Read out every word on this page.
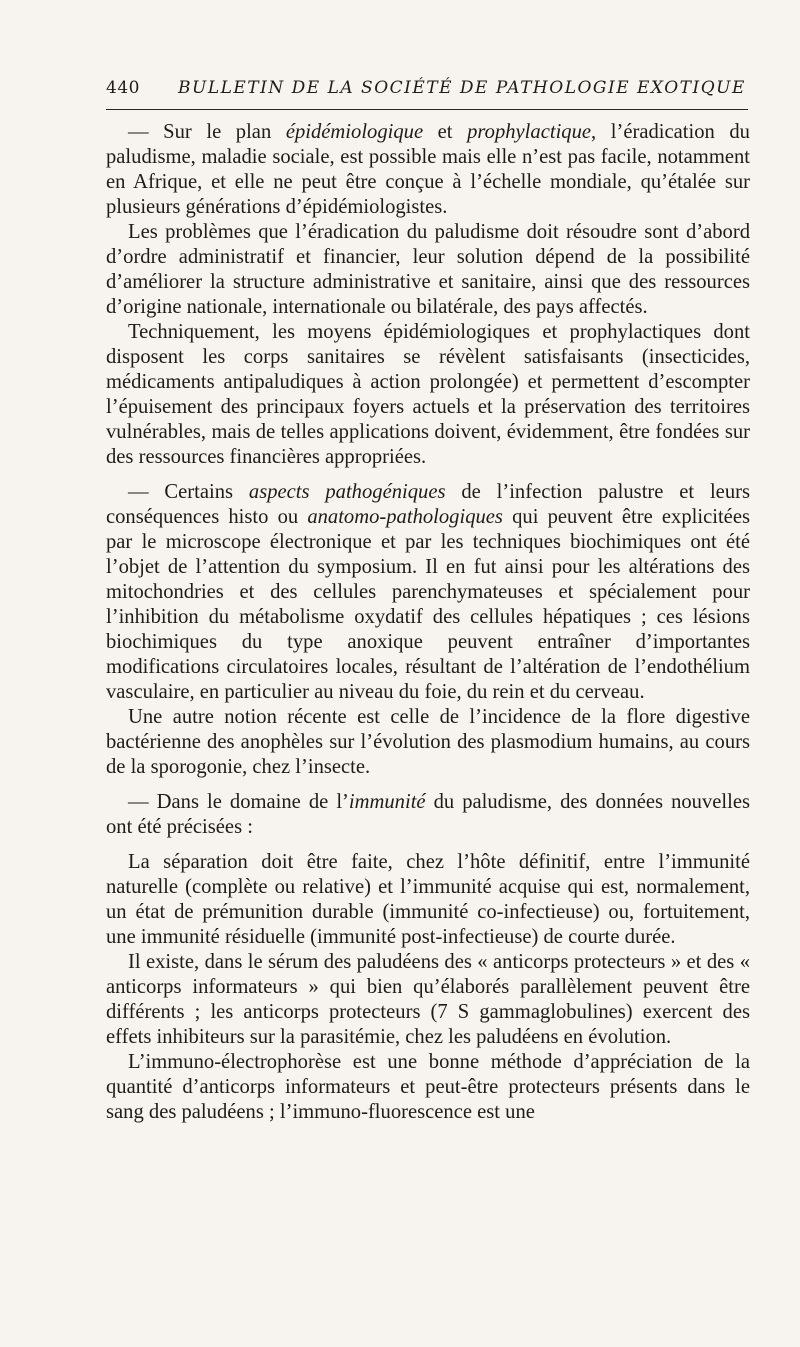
440 BULLETIN DE LA SOCIÉTÉ DE PATHOLOGIE EXOTIQUE

— Sur le plan épidémiologique et prophylactique, l’éradication du paludisme, maladie sociale, est possible mais elle n’est pas facile, notamment en Afrique, et elle ne peut être conçue à l’échelle mondiale, qu’étalée sur plusieurs générations d’épidémiologistes.

Les problèmes que l’éradication du paludisme doit résoudre sont d’abord d’ordre administratif et financier, leur solution dépend de la possibilité d’améliorer la structure administrative et sanitaire, ainsi que des ressources d’origine nationale, internationale ou bilatérale, des pays affectés.

Techniquement, les moyens épidémiologiques et prophylactiques dont disposent les corps sanitaires se révèlent satisfaisants (insecticides, médicaments antipaludiques à action prolongée) et permettent d’escompter l’épuisement des principaux foyers actuels et la préservation des territoires vulnérables, mais de telles applications doivent, évidemment, être fondées sur des ressources financières appropriées.

— Certains aspects pathogéniques de l’infection palustre et leurs conséquences histo ou anatomo-pathologiques qui peuvent être explicitées par le microscope électronique et par les techniques biochimiques ont été l’objet de l’attention du symposium. Il en fut ainsi pour les altérations des mitochondries et des cellules parenchymateuses et spécialement pour l’inhibition du métabolisme oxydatif des cellules hépatiques ; ces lésions biochimiques du type anoxique peuvent entraîner d’importantes modifications circulatoires locales, résultant de l’altération de l’endothélium vasculaire, en particulier au niveau du foie, du rein et du cerveau.

Une autre notion récente est celle de l’incidence de la flore digestive bactérienne des anophèles sur l’évolution des plasmodium humains, au cours de la sporogonie, chez l’insecte.

— Dans le domaine de l’immunité du paludisme, des données nouvelles ont été précisées :

La séparation doit être faite, chez l’hôte définitif, entre l’immunité naturelle (complète ou relative) et l’immunité acquise qui est, normalement, un état de prémunition durable (immunité co-infectieuse) ou, fortuitement, une immunité résiduelle (immunité post-infectieuse) de courte durée.

Il existe, dans le sérum des paludéens des « anticorps protecteurs » et des « anticorps informateurs » qui bien qu’élaborés parallèlement peuvent être différents ; les anticorps protecteurs (7 S gammaglobulines) exercent des effets inhibiteurs sur la parasitémie, chez les paludéens en évolution.

L’immuno-électrophorèse est une bonne méthode d’appréciation de la quantité d’anticorps informateurs et peut-être protecteurs présents dans le sang des paludéens ; l’immuno-fluorescence est une
